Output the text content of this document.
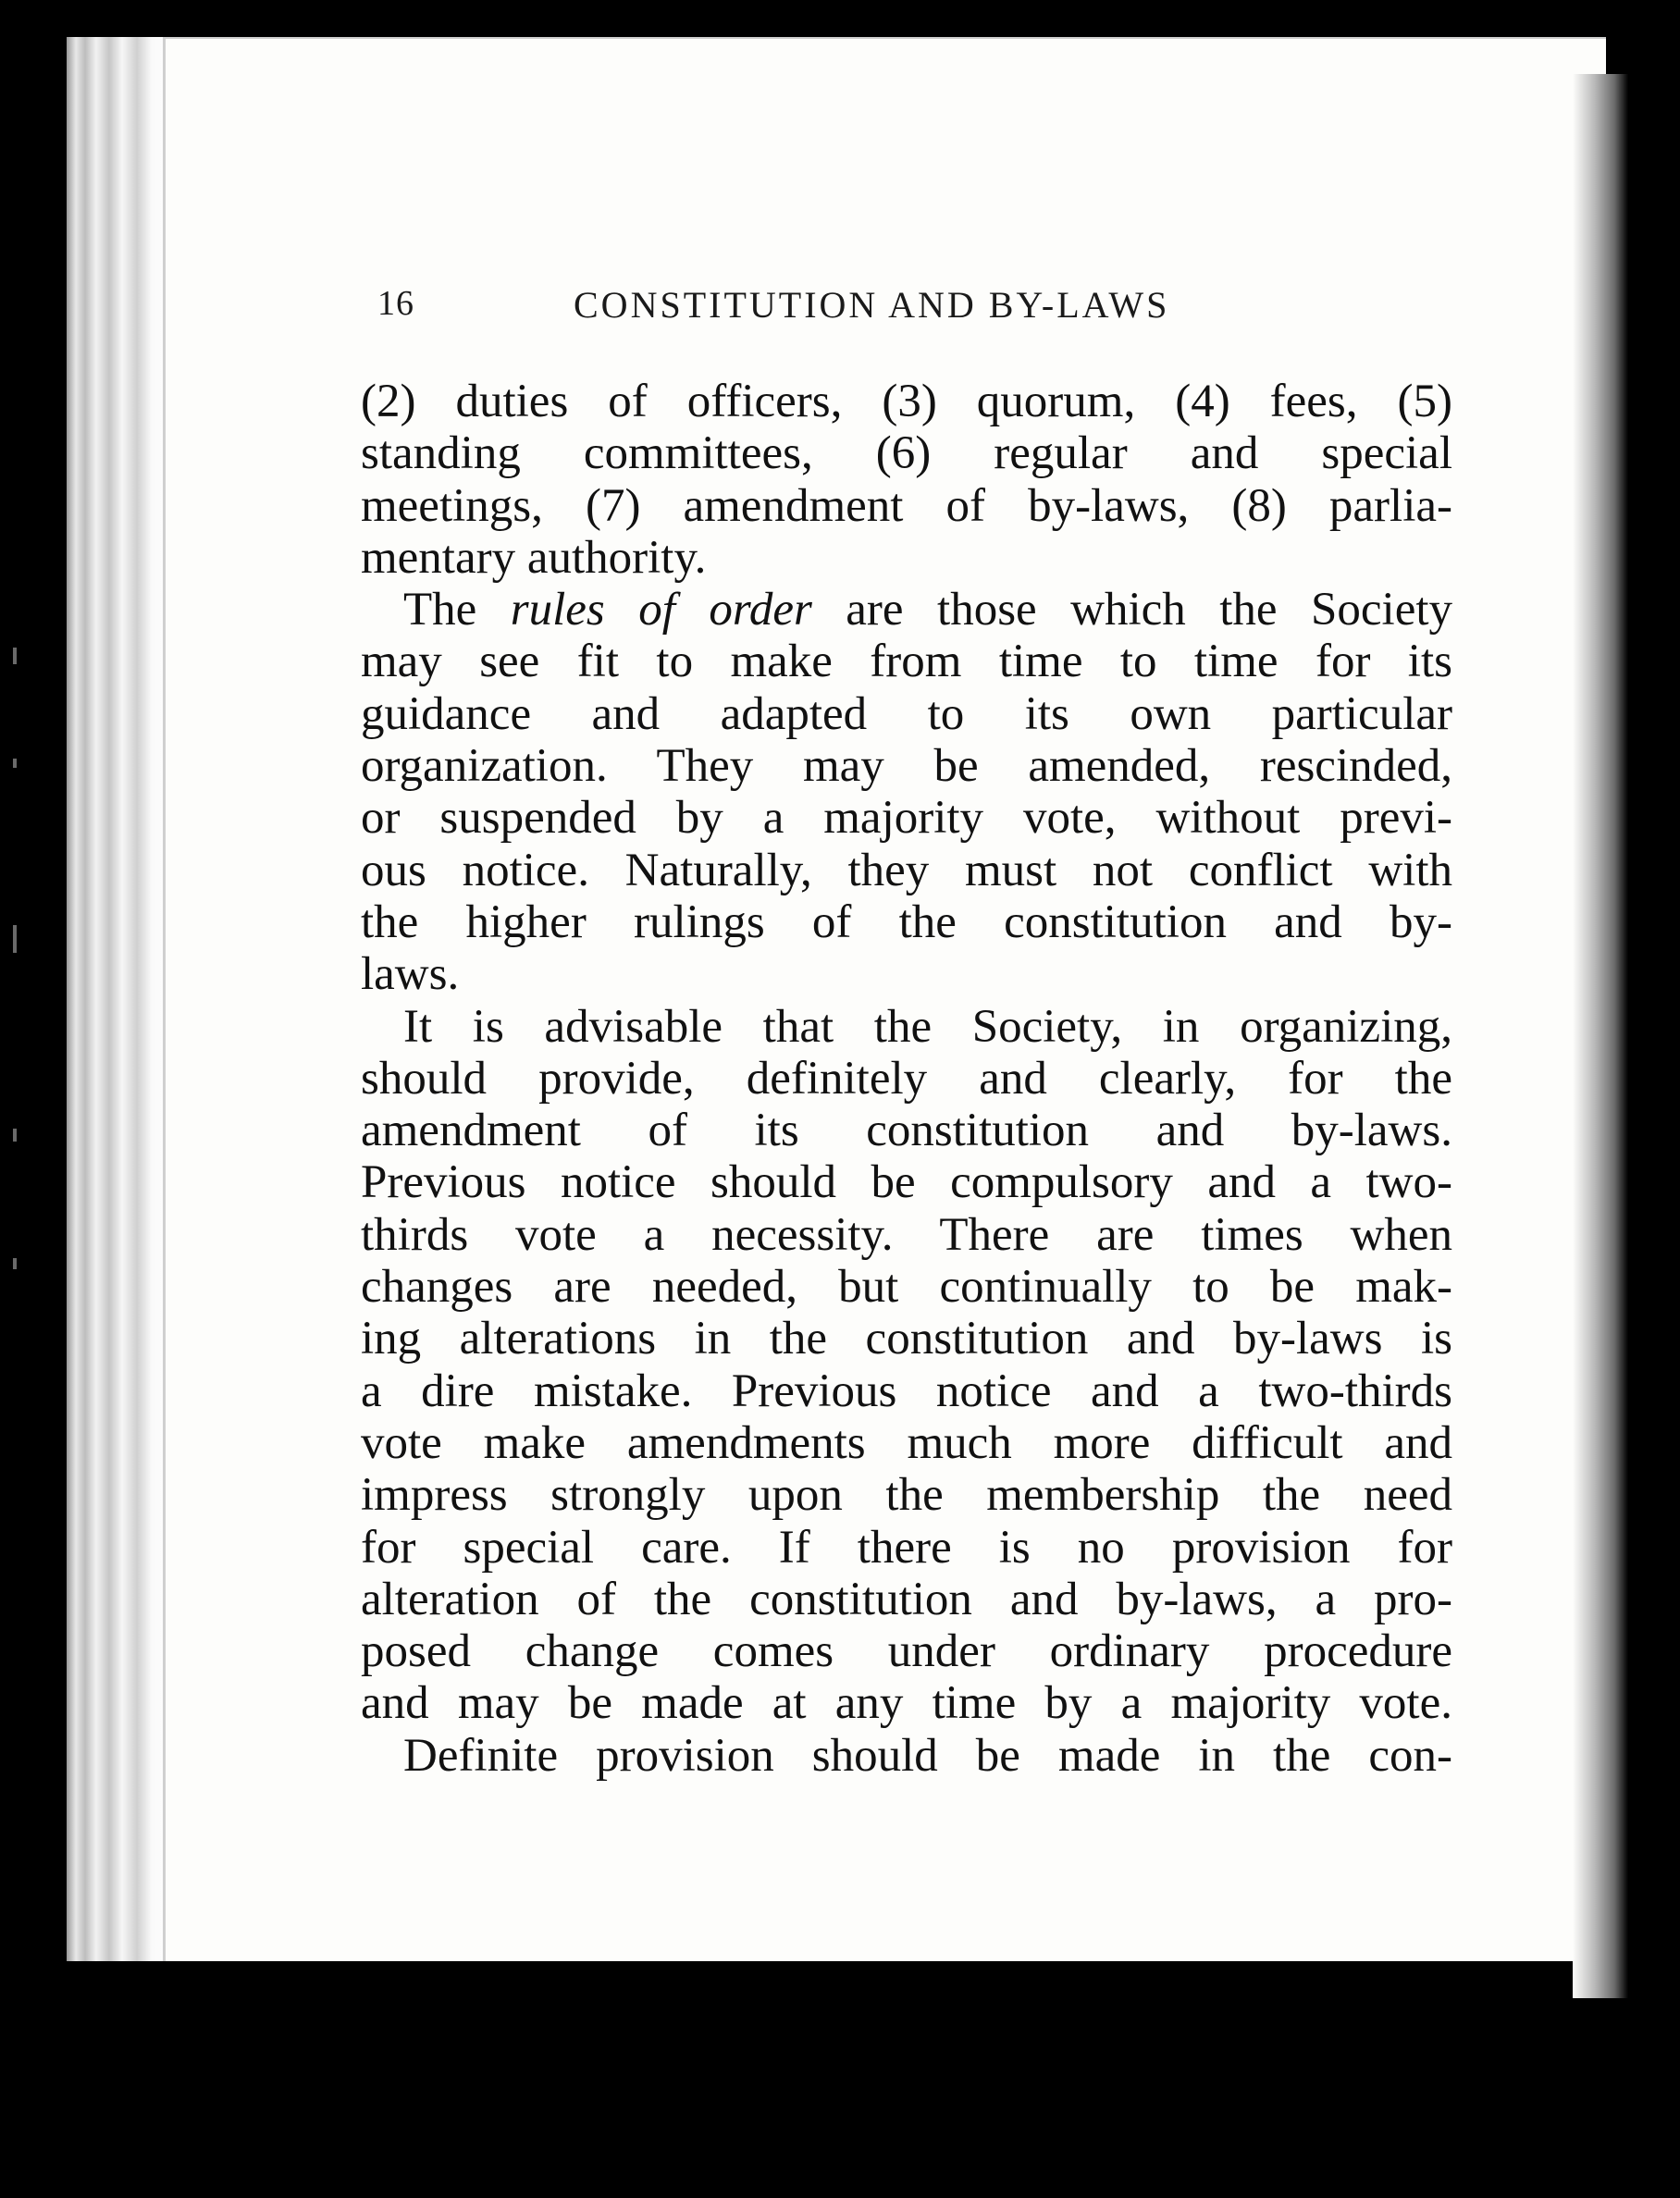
16	CONSTITUTION AND BY-LAWS
(2) duties of officers, (3) quorum, (4) fees, (5)
standing committees, (6) regular and special
meetings, (7) amendment of by-laws, (8) parlia-
mentary authority.
The rules of order are those which the Society
may see fit to make from time to time for its
guidance and adapted to its own particular
organization. They may be amended, rescinded,
or suspended by a majority vote, without previ-
ous notice. Naturally, they must not conflict with
the higher rulings of the constitution and by-
laws.
It is advisable that the Society, in organizing,
should provide, definitely and clearly, for the
amendment of its constitution and by-laws.
Previous notice should be compulsory and a two-
thirds vote a necessity. There are times when
changes are needed, but continually to be mak-
ing alterations in the constitution and by-laws is
a dire mistake. Previous notice and a two-thirds
vote make amendments much more difficult and
impress strongly upon the membership the need
for special care. If there is no provision for
alteration of the constitution and by-laws, a pro-
posed change comes under ordinary procedure
and may be made at any time by a majority vote.
Definite provision should be made in the con-
